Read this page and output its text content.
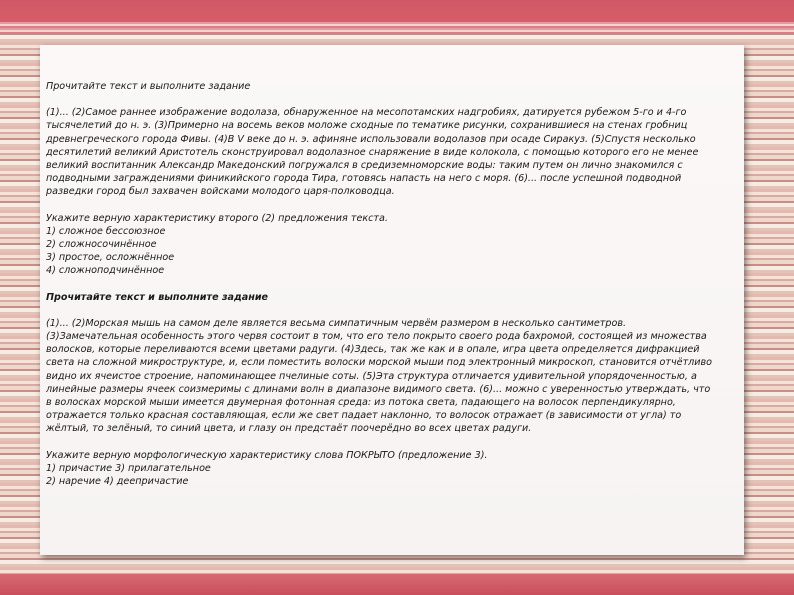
Прочитайте текст и выполните задание

(1)... (2)Самое раннее изображение водолаза, обнаруженное на месопотамских надгробиях, датируется рубежом 5-го и 4-го тысячелетий до н. э. (3)Примерно на восемь веков моложе сходные по тематике рисунки, сохранившиеся на стенах гробниц древнегреческого города Фивы. (4)В V веке до н. э. афиняне использовали водолазов при осаде Сиракуз. (5)Спустя несколько десятилетий великий Аристотель сконструировал водолазное снаряжение в виде колокола, с помощью которого его не менее великий воспитанник Александр Македонский погружался в средиземноморские воды: таким путем он лично знакомился с подводными заграждениями финикийского города Тира, готовясь напасть на него с моря. (6)... после успешной подводной разведки город был захвачен войсками молодого царя-полководца.

Укажите верную характеристику второго (2) предложения текста.
1) сложное бессоюзное
2) сложносочинённое
3) простое, осложнённое
4) сложноподчинённое

Прочитайте текст и выполните задание

(1)... (2)Морская мышь на самом деле является весьма симпатичным червём размером в несколько сантиметров. (3)Замечательная особенность этого червя состоит в том, что его тело покрыто своего рода бахромой, состоящей из множества волосков, которые переливаются всеми цветами радуги. (4)Здесь, так же как и в опале, игра цвета определяется дифракцией света на сложной микроструктуре, и, если поместить волоски морской мыши под электронный микроскоп, становится отчётливо видно их ячеистое строение, напоминающее пчелиные соты. (5)Эта структура отличается удивительной упорядоченностью, а линейные размеры ячеек соизмеримы с длинами волн в диапазоне видимого света. (6)... можно с уверенностью утверждать, что в волосках морской мыши имеется двумерная фотонная среда: из потока света, падающего на волосок перпендикулярно, отражается только красная составляющая, если же свет падает наклонно, то волосок отражает (в зависимости от угла) то жёлтый, то зелёный, то синий цвета, и глазу он предстаёт поочерёдно во всех цветах радуги.

Укажите верную морфологическую характеристику слова ПОКРЫТО (предложение 3).
1) причастие 3) прилагательное
2) наречие 4) деепричастие
